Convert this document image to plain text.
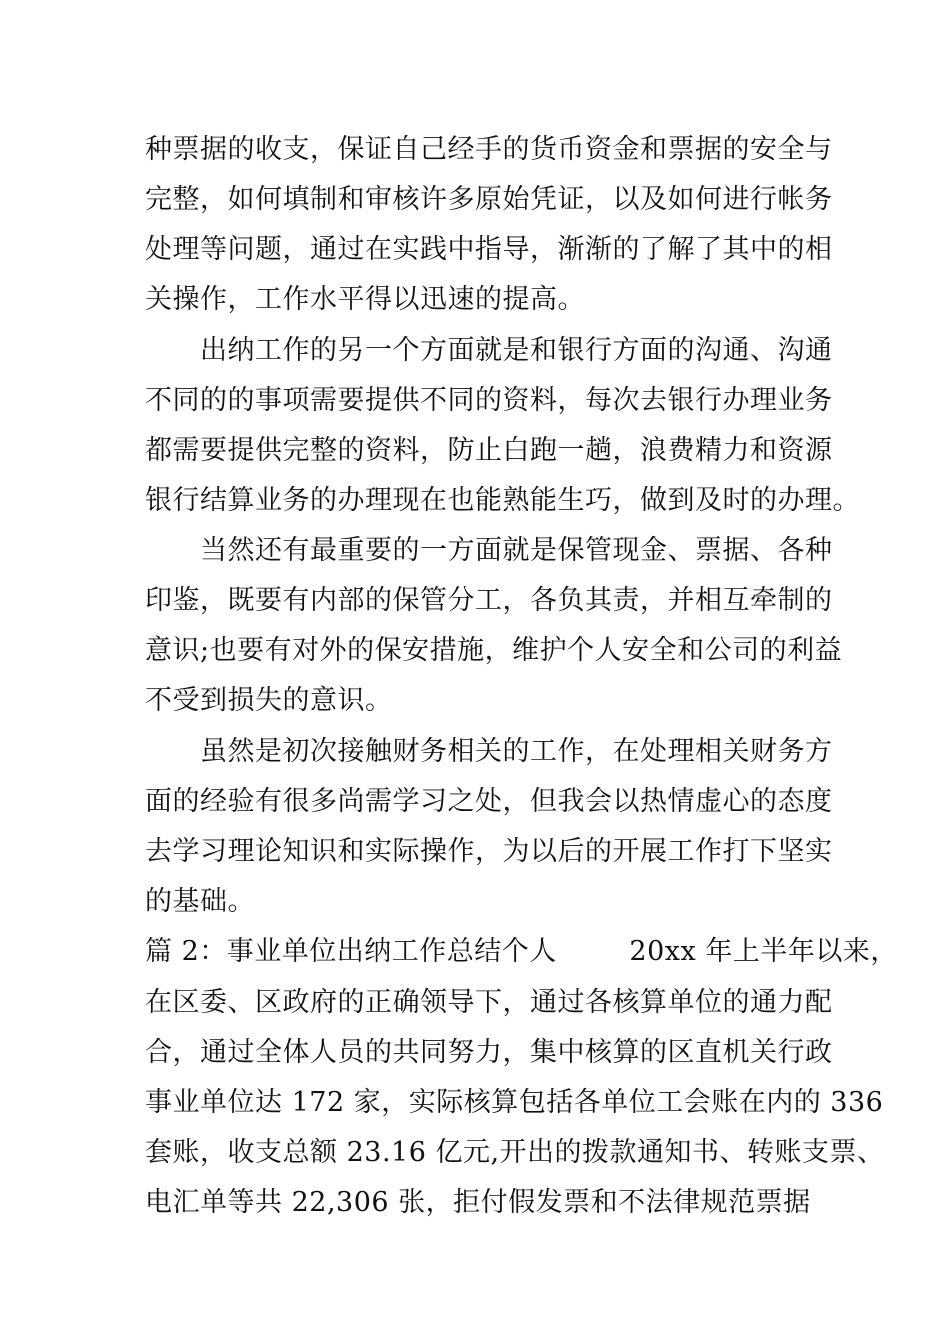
种票据的收支，保证自己经手的货币资金和票据的安全与
完整，如何填制和审核许多原始凭证，以及如何进行帐务
处理等问题，通过在实践中指导，渐渐的了解了其中的相
关操作，工作水平得以迅速的提高。
出纳工作的另一个方面就是和银行方面的沟通、沟通
不同的的事项需要提供不同的资料，每次去银行办理业务
都需要提供完整的资料，防止白跑一趟，浪费精力和资源
银行结算业务的办理现在也能熟能生巧，做到及时的办理。
当然还有最重要的一方面就是保管现金、票据、各种
印鉴，既要有内部的保管分工，各负其责，并相互牵制的
意识;也要有对外的保安措施，维护个人安全和公司的利益
不受到损失的意识。
虽然是初次接触财务相关的工作，在处理相关财务方
面的经验有很多尚需学习之处，但我会以热情虚心的态度
去学习理论知识和实际操作，为以后的开展工作打下坚实
的基础。
篇 2：事业单位出纳工作总结个人        20xx 年上半年以来，
在区委、区政府的正确领导下，通过各核算单位的通力配
合，通过全体人员的共同努力，集中核算的区直机关行政
事业单位达 172 家，实际核算包括各单位工会账在内的 336
套账，收支总额 23.16 亿元,开出的拨款通知书、转账支票、
电汇单等共 22,306 张，拒付假发票和不法律规范票据
